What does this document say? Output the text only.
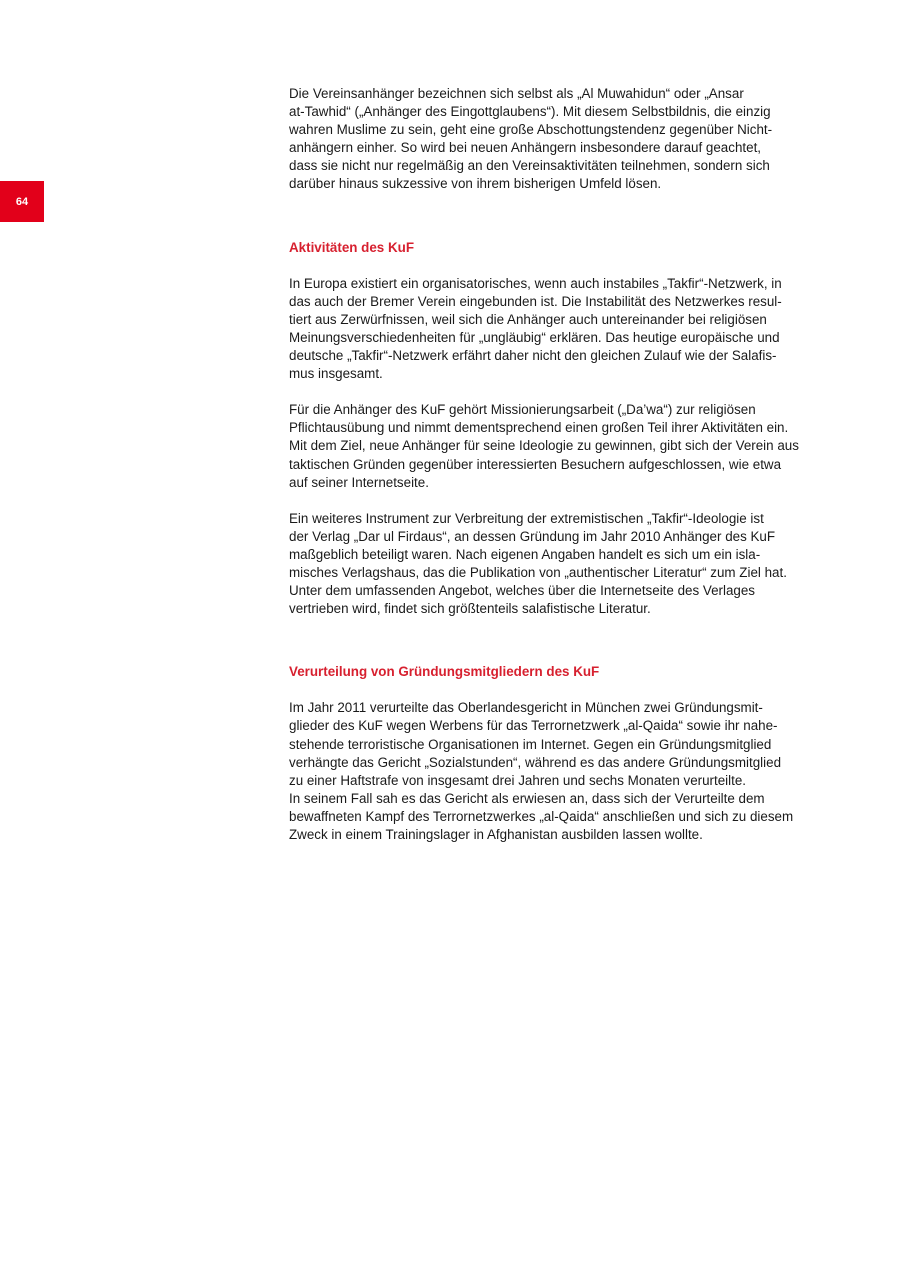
64

Die Vereinsanhänger bezeichnen sich selbst als „Al Muwahidun“ oder „Ansar
at-Tawhid“ („Anhänger des Eingottglaubens“). Mit diesem Selbstbildnis, die einzig
wahren Muslime zu sein, geht eine große Abschottungstendenz gegenüber Nicht-
anhängern einher. So wird bei neuen Anhängern insbesondere darauf geachtet,
dass sie nicht nur regelmäßig an den Vereinsaktivitäten teilnehmen, sondern sich
darüber hinaus sukzessive von ihrem bisherigen Umfeld lösen.

Aktivitäten des KuF

In Europa existiert ein organisatorisches, wenn auch instabiles „Takfir“-Netzwerk, in
das auch der Bremer Verein eingebunden ist. Die Instabilität des Netzwerkes resul-
tiert aus Zerwürfnissen, weil sich die Anhänger auch untereinander bei religiösen
Meinungsverschiedenheiten für „ungläubig“ erklären. Das heutige europäische und
deutsche „Takfir“-Netzwerk erfährt daher nicht den gleichen Zulauf wie der Salafis-
mus insgesamt.

Für die Anhänger des KuF gehört Missionierungsarbeit („Da’wa“) zur religiösen
Pflichtausübung und nimmt dementsprechend einen großen Teil ihrer Aktivitäten ein.
Mit dem Ziel, neue Anhänger für seine Ideologie zu gewinnen, gibt sich der Verein aus
taktischen Gründen gegenüber interessierten Besuchern aufgeschlossen, wie etwa
auf seiner Internetseite.

Ein weiteres Instrument zur Verbreitung der extremistischen „Takfir“-Ideologie ist
der Verlag „Dar ul Firdaus“, an dessen Gründung im Jahr 2010 Anhänger des KuF
maßgeblich beteiligt waren. Nach eigenen Angaben handelt es sich um ein isla-
misches Verlagshaus, das die Publikation von „authentischer Literatur“ zum Ziel hat.
Unter dem umfassenden Angebot, welches über die Internetseite des Verlages
vertrieben wird, findet sich größtenteils salafistische Literatur.

Verurteilung von Gründungsmitgliedern des KuF

Im Jahr 2011 verurteilte das Oberlandesgericht in München zwei Gründungsmit-
glieder des KuF wegen Werbens für das Terrornetzwerk „al-Qaida“ sowie ihr nahe-
stehende terroristische Organisationen im Internet. Gegen ein Gründungsmitglied
verhängte das Gericht „Sozialstunden“, während es das andere Gründungsmitglied
zu einer Haftstrafe von insgesamt drei Jahren und sechs Monaten verurteilte.
In seinem Fall sah es das Gericht als erwiesen an, dass sich der Verurteilte dem
bewaffneten Kampf des Terrornetzwerkes „al-Qaida“ anschließen und sich zu diesem
Zweck in einem Trainingslager in Afghanistan ausbilden lassen wollte.
